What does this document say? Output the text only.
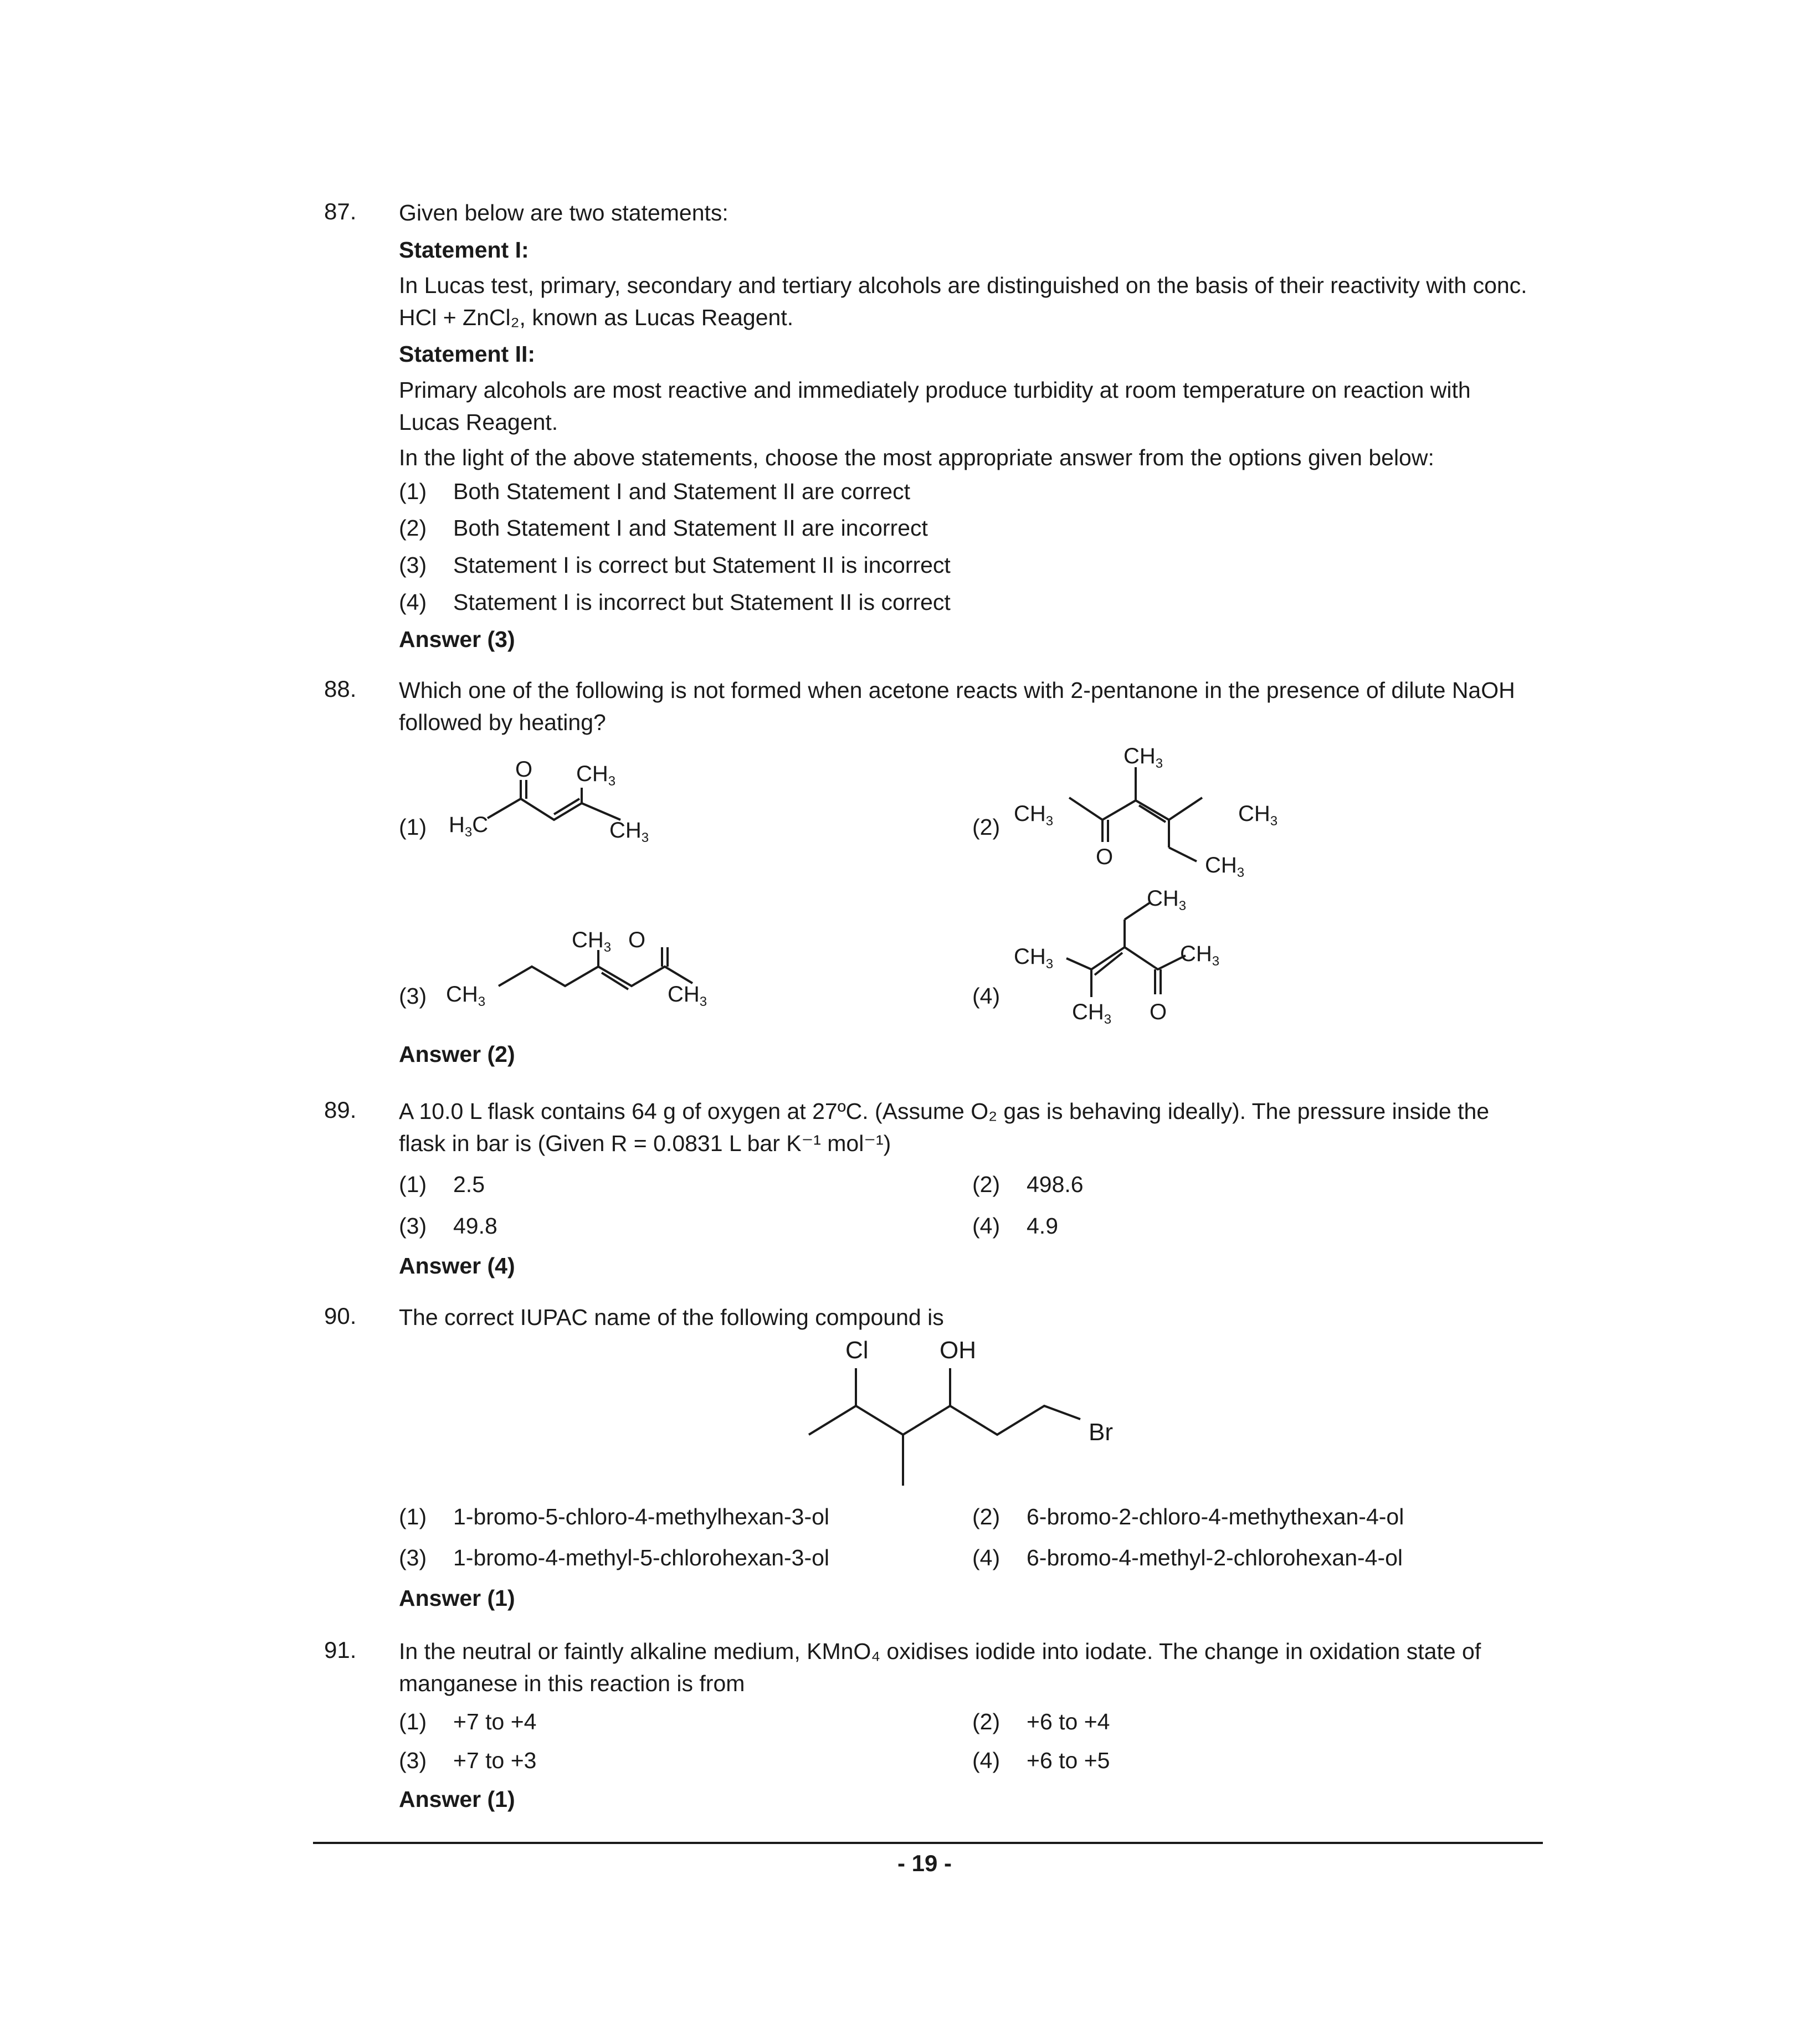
87. Given below are two statements:
Statement I:
In Lucas test, primary, secondary and tertiary alcohols are distinguished on the basis of their reactivity with conc. HCl + ZnCl₂, known as Lucas Reagent.
Statement II:
Primary alcohols are most reactive and immediately produce turbidity at room temperature on reaction with Lucas Reagent.
In the light of the above statements, choose the most appropriate answer from the options given below:
(1) Both Statement I and Statement II are correct
(2) Both Statement I and Statement II are incorrect
(3) Statement I is correct but Statement II is incorrect
(4) Statement I is incorrect but Statement II is correct
Answer (3)
88. Which one of the following is not formed when acetone reacts with 2-pentanone in the presence of dilute NaOH followed by heating?
(1)	(2)
(3)	(4)
O $CH_3$
$H_3C$	$CH_3$
$CH_3$
O
$CH_3$
$CH_3$
$CH_3$
$CH_3$
$CH_3$ O
$CH_3$
$CH_3$
$CH_3$
$CH_3$
$CH_3$ O
Answer (2)
89. A 10.0 L flask contains 64 g of oxygen at 27ºC. (Assume O₂ gas is behaving ideally). The pressure inside the flask in bar is (Given R = 0.0831 L bar K⁻¹ mol⁻¹)
(1) 2.5	(2) 498.6
(3) 49.8	(4) 4.9
Answer (4)
90. The correct IUPAC name of the following compound is
Cl	OH
Br
(1) 1-bromo-5-chloro-4-methylhexan-3-ol	(2) 6-bromo-2-chloro-4-methythexan-4-ol
(3) 1-bromo-4-methyl-5-chlorohexan-3-ol	(4) 6-bromo-4-methyl-2-chlorohexan-4-ol
Answer (1)
91. In the neutral or faintly alkaline medium, KMnO₄ oxidises iodide into iodate. The change in oxidation state of manganese in this reaction is from
(1) +7 to +4	(2) +6 to +4
(3) +7 to +3	(4) +6 to +5
Answer (1)
- 19 -
